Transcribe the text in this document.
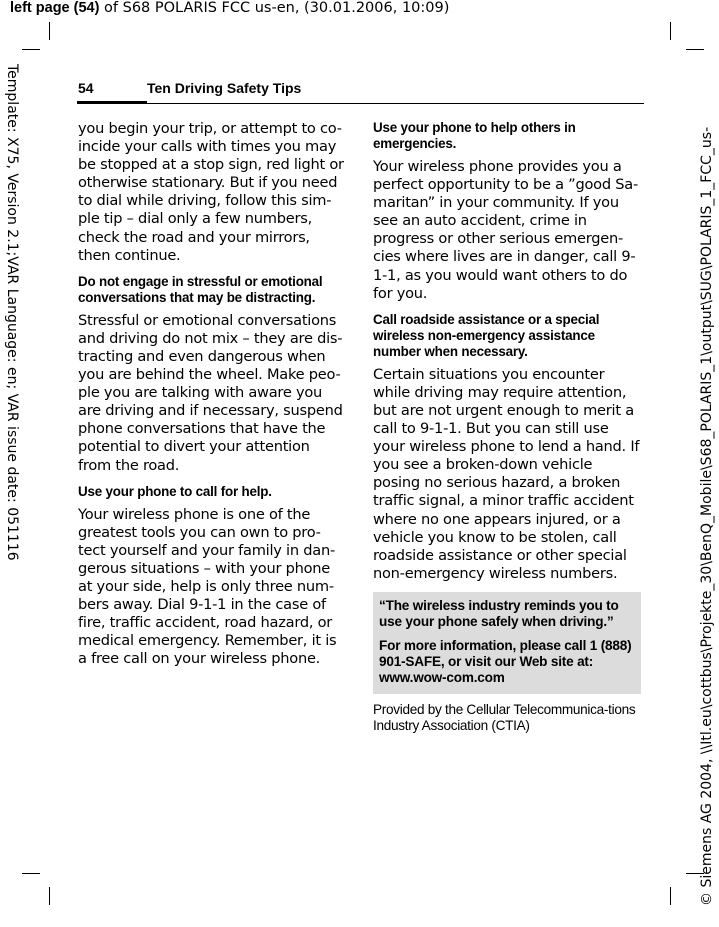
left page (54) of S68 POLARIS FCC us-en, (30.01.2006, 10:09)
Template: X75, Version 2.1;VAR Language: en; VAR issue date: 051116	© Siemens AG 2004, \\Itl.eu\cottbus\Projekte_30\BenQ_Mobile\S68_POLARIS_1\output\SUG\POLARIS_1_FCC_us-
54	Ten Driving Safety Tips

you begin your trip, or attempt to co-incide your calls with times you may be stopped at a stop sign, red light or otherwise stationary. But if you need to dial while driving, follow this sim-ple tip – dial only a few numbers, check the road and your mirrors, then continue.

Do not engage in stressful or emotional conversations that may be distracting.

Stressful or emotional conversations and driving do not mix – they are dis-tracting and even dangerous when you are behind the wheel. Make peo-ple you are talking with aware you are driving and if necessary, suspend phone conversations that have the potential to divert your attention from the road.

Use your phone to call for help.

Your wireless phone is one of the greatest tools you can own to pro-tect yourself and your family in dan-gerous situations – with your phone at your side, help is only three num-bers away. Dial 9-1-1 in the case of fire, traffic accident, road hazard, or medical emergency. Remember, it is a free call on your wireless phone.

Use your phone to help others in emergencies.

Your wireless phone provides you a perfect opportunity to be a ”good Sa-maritan” in your community. If you see an auto accident, crime in progress or other serious emergen-cies where lives are in danger, call 9-1-1, as you would want others to do for you.

Call roadside assistance or a special wireless non-emergency assistance number when necessary.

Certain situations you encounter while driving may require attention, but are not urgent enough to merit a call to 9-1-1. But you can still use your wireless phone to lend a hand. If you see a broken-down vehicle posing no serious hazard, a broken traffic signal, a minor traffic accident where no one appears injured, or a vehicle you know to be stolen, call roadside assistance or other special non-emergency wireless numbers.

“The wireless industry reminds you to use your phone safely when driving.”

For more information, please call 1 (888) 901-SAFE, or visit our Web site at: www.wow-com.com

Provided by the Cellular Telecommunica-tions Industry Association (CTIA)
